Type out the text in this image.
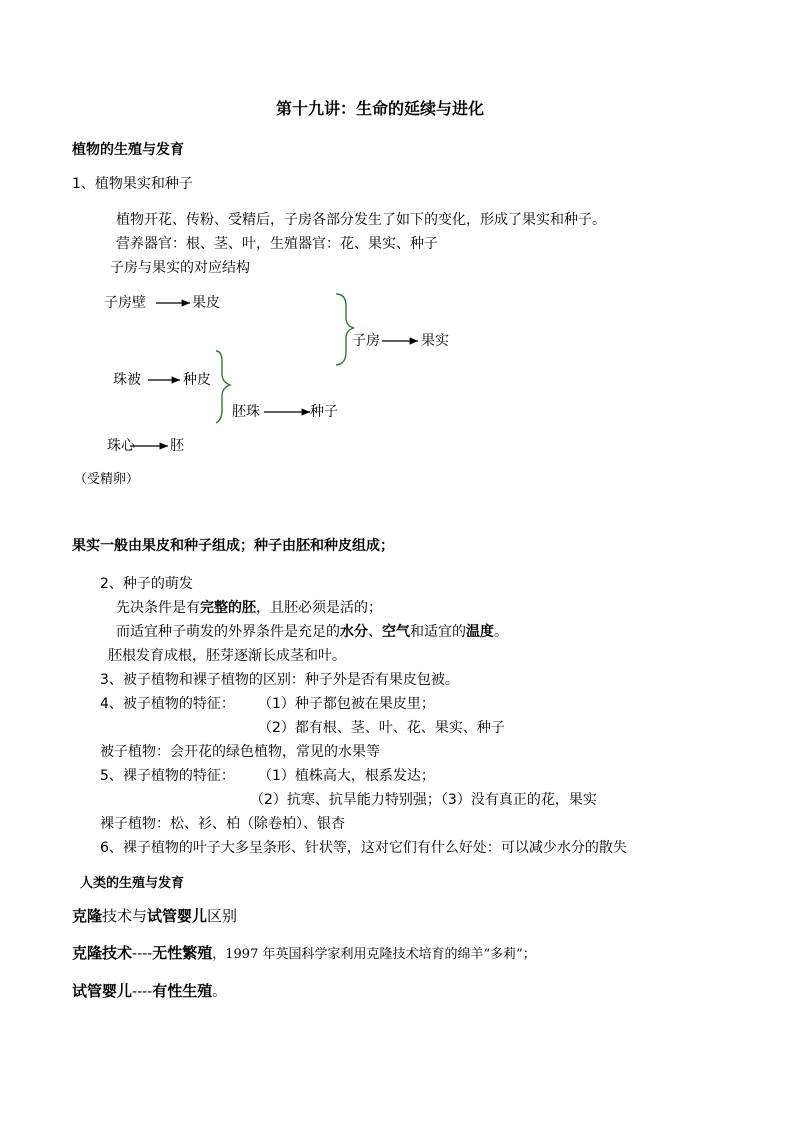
第十九讲：生命的延续与进化
植物的生殖与发育
1、植物果实和种子
植物开花、传粉、受精后，子房各部分发生了如下的变化，形成了果实和种子。
营养器官：根、茎、叶，生殖器官：花、果实、种子
子房与果实的对应结构
子房壁	果皮
子房	果实
珠被	种皮
胚珠	种子
珠心	胚
（受精卵）
果实一般由果皮和种子组成；种子由胚和种皮组成；
2、种子的萌发
先决条件是有完整的胚，且胚必须是活的；
而适宜种子萌发的外界条件是充足的水分、空气和适宜的温度。
胚根发育成根，胚芽逐渐长成茎和叶。
3、被子植物和裸子植物的区别：种子外是否有果皮包被。
4、被子植物的特征： （1）种子都包被在果皮里；
（2）都有根、茎、叶、花、果实、种子
被子植物：会开花的绿色植物，常见的水果等
5、裸子植物的特征： （1）植株高大，根系发达；
（2）抗寒、抗旱能力特别强；（3）没有真正的花，果实
裸子植物：松、衫、柏（除卷柏）、银杏
6、裸子植物的叶子大多呈条形、针状等，这对它们有什么好处：可以减少水分的散失
人类的生殖与发育
克隆技术与试管婴儿区别
克隆技术----无性繁殖，1997 年英国科学家利用克隆技术培育的绵羊“多莉”；
试管婴儿----有性生殖。
